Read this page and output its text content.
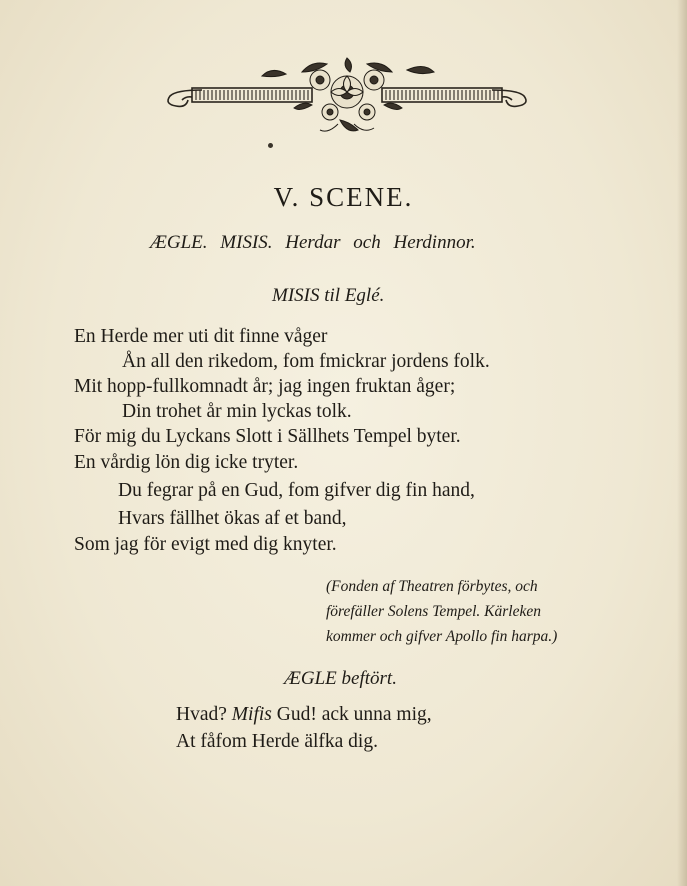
V. SCENE.
ÆGLE. MISIS. Herdar och Herdinnor.
MISIS til Eglé.
En Herde mer uti dit finne våger
Ån all den rikedom, fom fmickrar jordens folk.
Mit hopp-fullkomnadt år; jag ingen fruktan åger;
Din trohet år min lyckas tolk.
För mig du Lyckans Slott i Sällhets Tempel byter.
En vårdig lön dig icke tryter.
Du fegrar på en Gud, fom gifver dig fin hand,
Hvars fällhet ökas af et band,
Som jag för evigt med dig knyter.
(Fonden af Theatren förbytes, och
förefäller Solens Tempel. Kärleken
kommer och gifver Apollo fin harpa.)
ÆGLE beftört.
Hvad? Mifis Gud! ack unna mig,
At fåfom Herde älfka dig.
